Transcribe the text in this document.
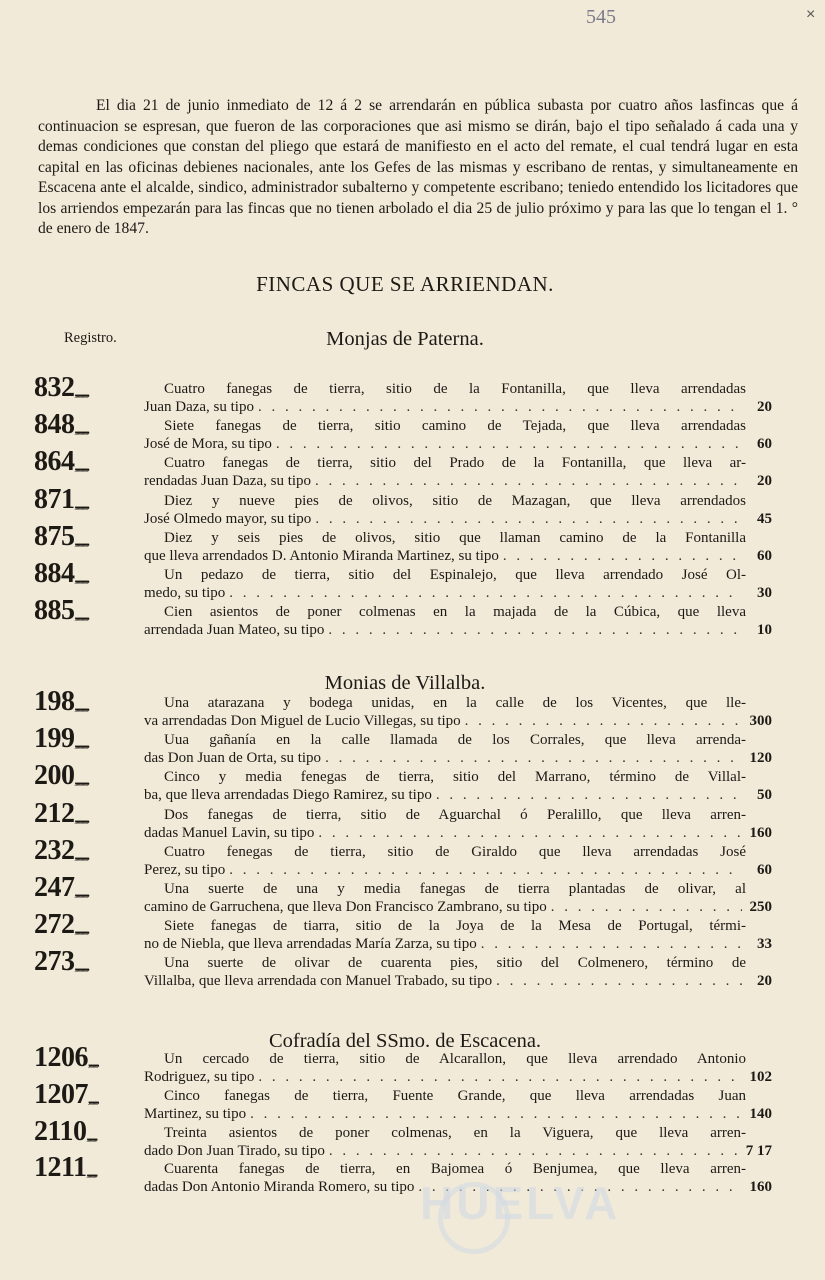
545	×
El dia 21 de junio inmediato de 12 á 2 se arrendarán en pública subasta por cuatro años lasfincas que á continuacion se espresan, que fueron de las corporaciones que asi mismo se dirán, bajo el tipo señalado á cada una y demas condiciones que constan del pliego que estará de manifiesto en el acto del remate, el cual tendrá lugar en esta capital en las oficinas debienes nacionales, ante los Gefes de las mismas y escribano de rentas, y simultaneamente en Escacena ante el alcalde, sindico, administrador subalterno y competente escribano; teniedo entendido los licitadores que los arriendos empezarán para las fincas que no tienen arbolado el dia 25 de julio próximo y para las que lo tengan el 1. ° de enero de 1847.
FINCAS QUE SE ARRIENDAN.
Registro.	Monjas de Paterna.
832,,,,,,,,,,,	Cuatro fanegas de tierra, sitio de la Fontanilla, que lleva arrendadas
Juan Daza, su tipo . . .	20
848,,,,,,,,,,,	Siete fanegas de tierra, sitio camino de Tejada, que lleva arrendadas
José de Mora, su tipo . . .	60
864,,,,,,,,,,,	Cuatro fanegas de tierra, sitio del Prado de la Fontanilla, que lleva ar-
rendadas Juan Daza, su tipo . . .	20
871,,,,,,,,,,,	Diez y nueve pies de olivos, sitio de Mazagan, que lleva arrendados
José Olmedo mayor, su tipo . . .	45
875,,,,,,,,,,,	Diez y seis pies de olivos, sitio que llaman camino de la Fontanilla
que lleva arrendados D. Antonio Miranda Martinez, su tipo . . .	60
884,,,,,,,,,,,	Un pedazo de tierra, sitio del Espinalejo, que lleva arrendado José Ol-
medo, su tipo . . .	30
885,,,,,,,,,,,	Cien asientos de poner colmenas en la majada de la Cúbica, que lleva
arrendada Juan Mateo, su tipo . . .	10
Monias de Villalba.
198,,,,,,,,,,,	Una atarazana y bodega unidas, en la calle de los Vicentes, que lle-
va arrendadas Don Miguel de Lucio Villegas, su tipo . . .	300
199,,,,,,,,,,,	Uua gañanía en la calle llamada de los Corrales, que lleva arrenda-
das Don Juan de Orta, su tipo . . .	120
200,,,,,,,,,,,	Cinco y media fenegas de tierra, sitio del Marrano, término de Villal-
ba, que lleva arrendadas Diego Ramirez, su tipo . . .	50
212,,,,,,,,,,,	Dos fanegas de tierra, sitio de Aguarchal ó Peralillo, que lleva arren-
dadas Manuel Lavin, su tipo . . .	160
232,,,,,,,,,,,	Cuatro fenegas de tierra, sitio de Giraldo que lleva arrendadas José
Perez, su tipo . . .	60
247,,,,,,,,,,,	Una suerte de una y media fanegas de tierra plantadas de olivar, al
camino de Garruchena, que lleva Don Francisco Zambrano, su tipo . . .	250
272,,,,,,,,,,,	Siete fanegas de tiarra, sitio de la Joya de la Mesa de Portugal, térmi-
no de Niebla, que lleva arrendadas María Zarza, su tipo . . .	33
273,,,,,,,,,,,	Una suerte de olivar de cuarenta pies, sitio del Colmenero, término de
Villalba, que lleva arrendada con Manuel Trabado, su tipo . . .	20
Cofradía del SSmo. de Escacena.
1206,,,,,,,,	Un cercado de tierra, sitio de Alcarallon, que lleva arrendado Antonio
Rodriguez, su tipo . . .	102
1207,,,,,,,,	Cinco fanegas de tierra, Fuente Grande, que lleva arrendadas Juan
Martinez, su tipo . . .	140
2110,,,,,,,,	Treinta asientos de poner colmenas, en la Viguera, que lleva arren-
dado Don Juan Tirado, su tipo . . .	7 17
1211,,,,,,,,	Cuarenta fanegas de tierra, en Bajomea ó Benjumea, que lleva arren-
dadas Don Antonio Miranda Romero, su tipo . . .	160
HUELVA
